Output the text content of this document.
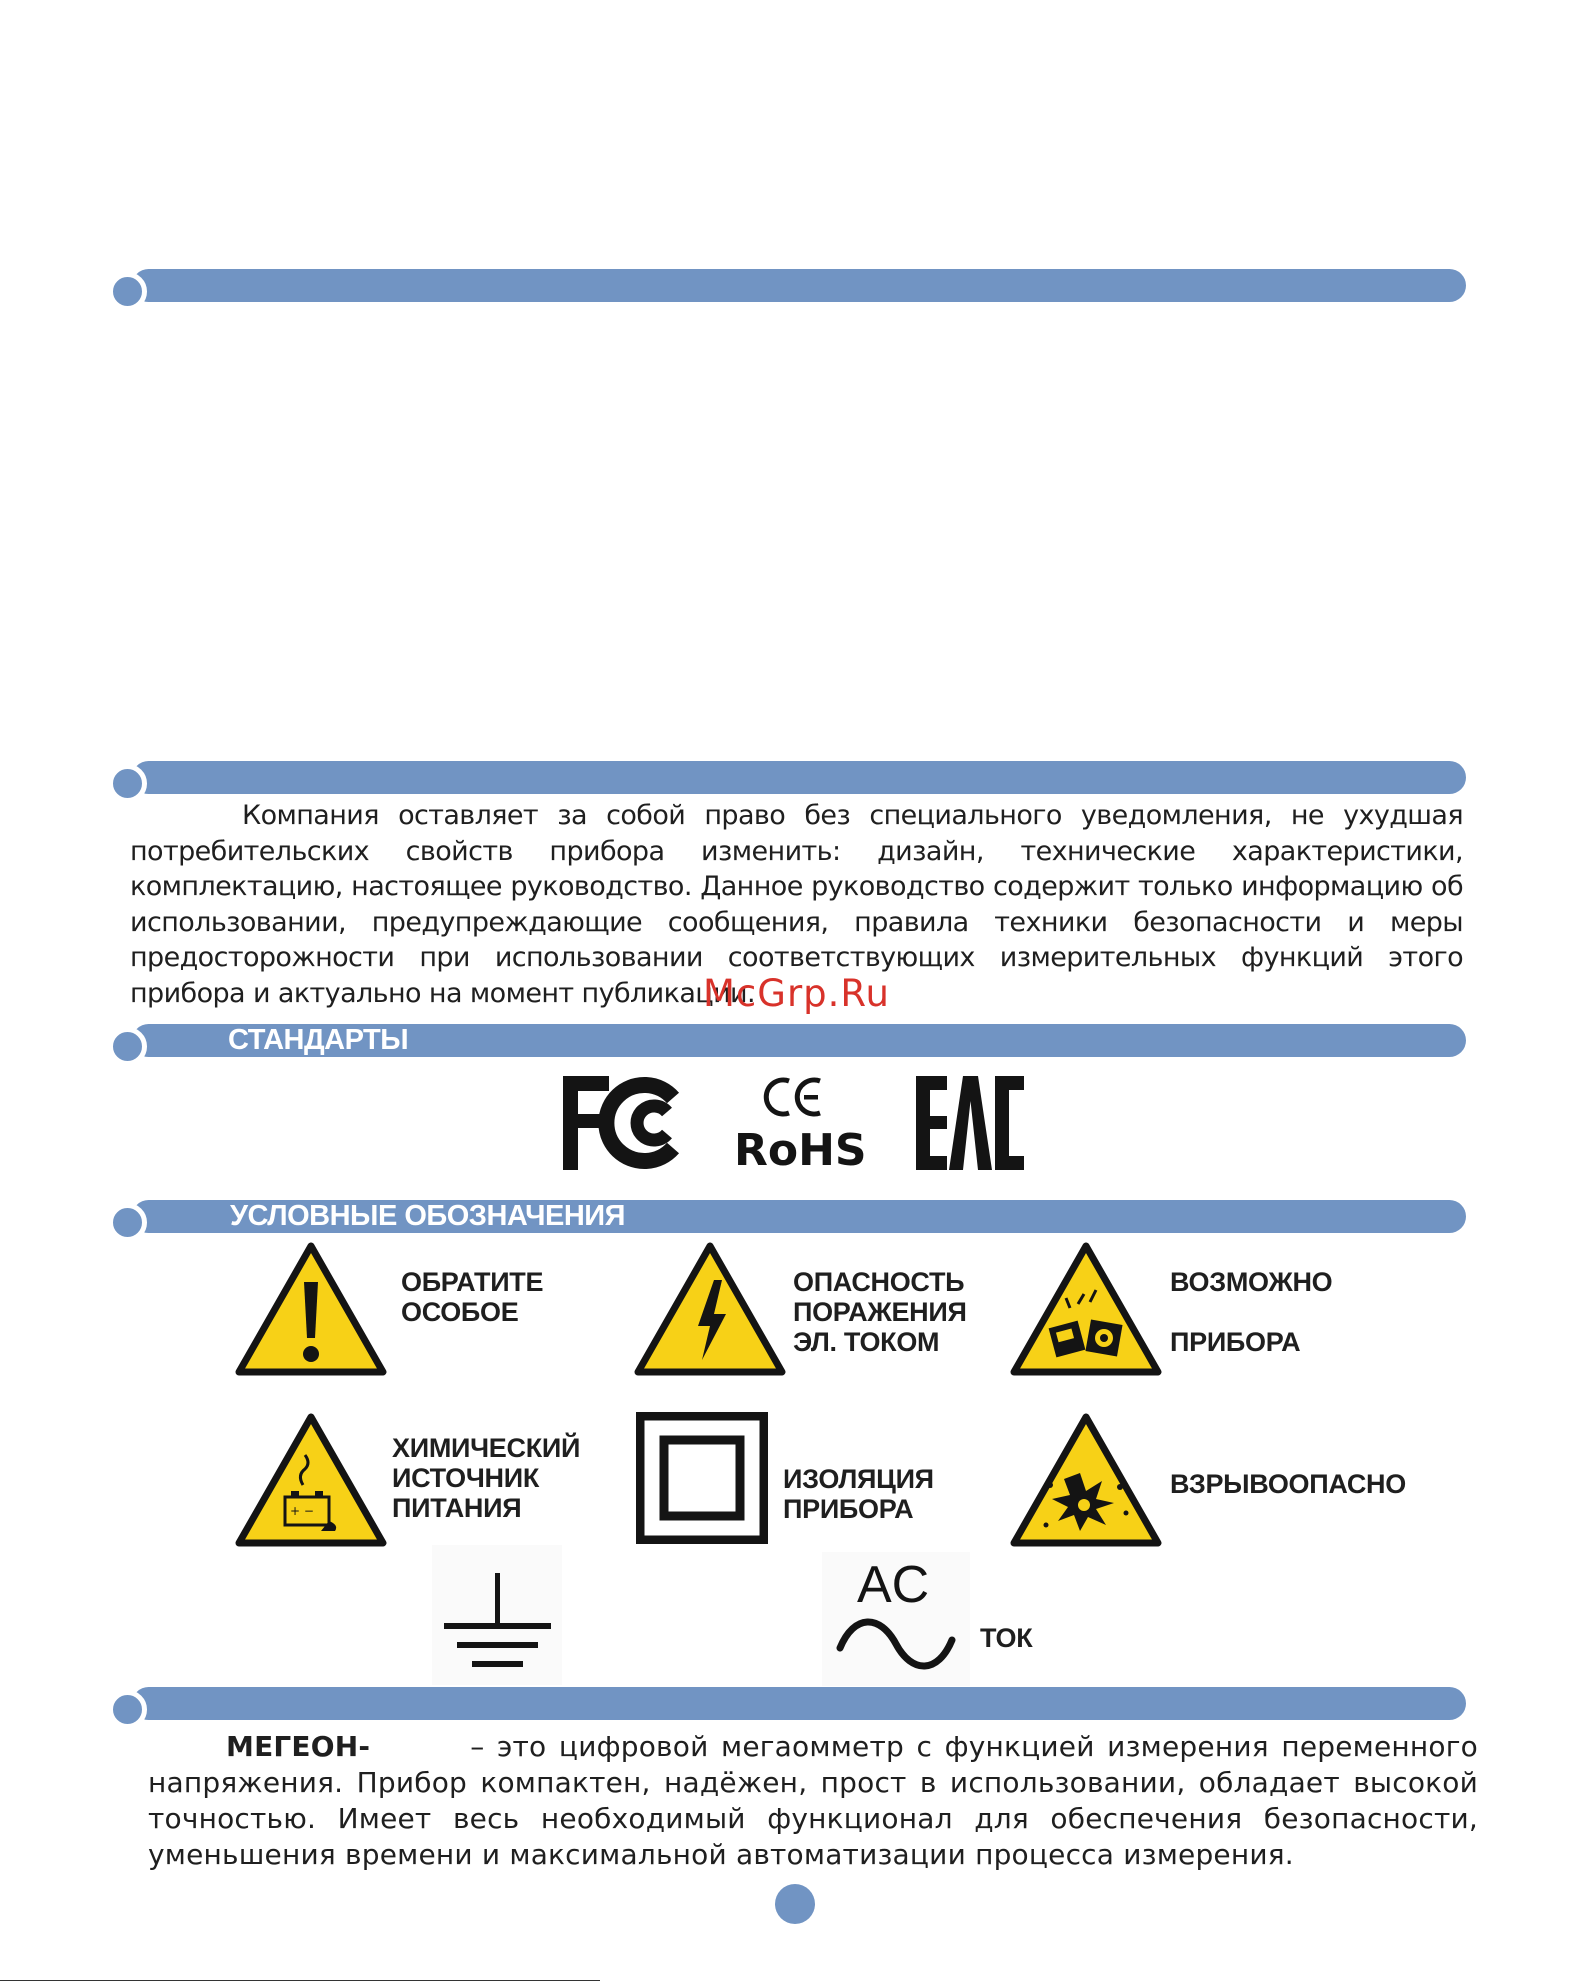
Компания оставляет за собой право без специального уведомления, не ухудшая потребительских свойств прибора изменить: дизайн, технические характеристики, комплектацию, настоящее руководство. Данное руководство содержит только информацию об использовании, предупреждающие сообщения, правила техники безопасности и меры предосторожности при использовании соответствующих измерительных функций этого прибора и актуально на момент публикации.
McGrp.Ru
СТАНДАРТЫ
RoHS
УСЛОВНЫЕ ОБОЗНАЧЕНИЯ
ОБРАТИТЕ
ОСОБОЕ
ОПАСНОСТЬ
ПОРАЖЕНИЯ
ЭЛ. ТОКОМ
ВОЗМОЖНО

ПРИБОРА
+ −
ХИМИЧЕСКИЙ
ИСТОЧНИК
ПИТАНИЯ
ИЗОЛЯЦИЯ
ПРИБОРА
ВЗРЫВООПАСНО
AC
ТОК
МЕГЕОН-	– это цифровой мегаомметр с функцией измерения переменного напряжения. Прибор компактен, надёжен, прост в использовании, обладает высокой точностью. Имеет весь необходимый функционал для обеспечения безопасности, уменьшения времени и максимальной автоматизации процесса измерения.
